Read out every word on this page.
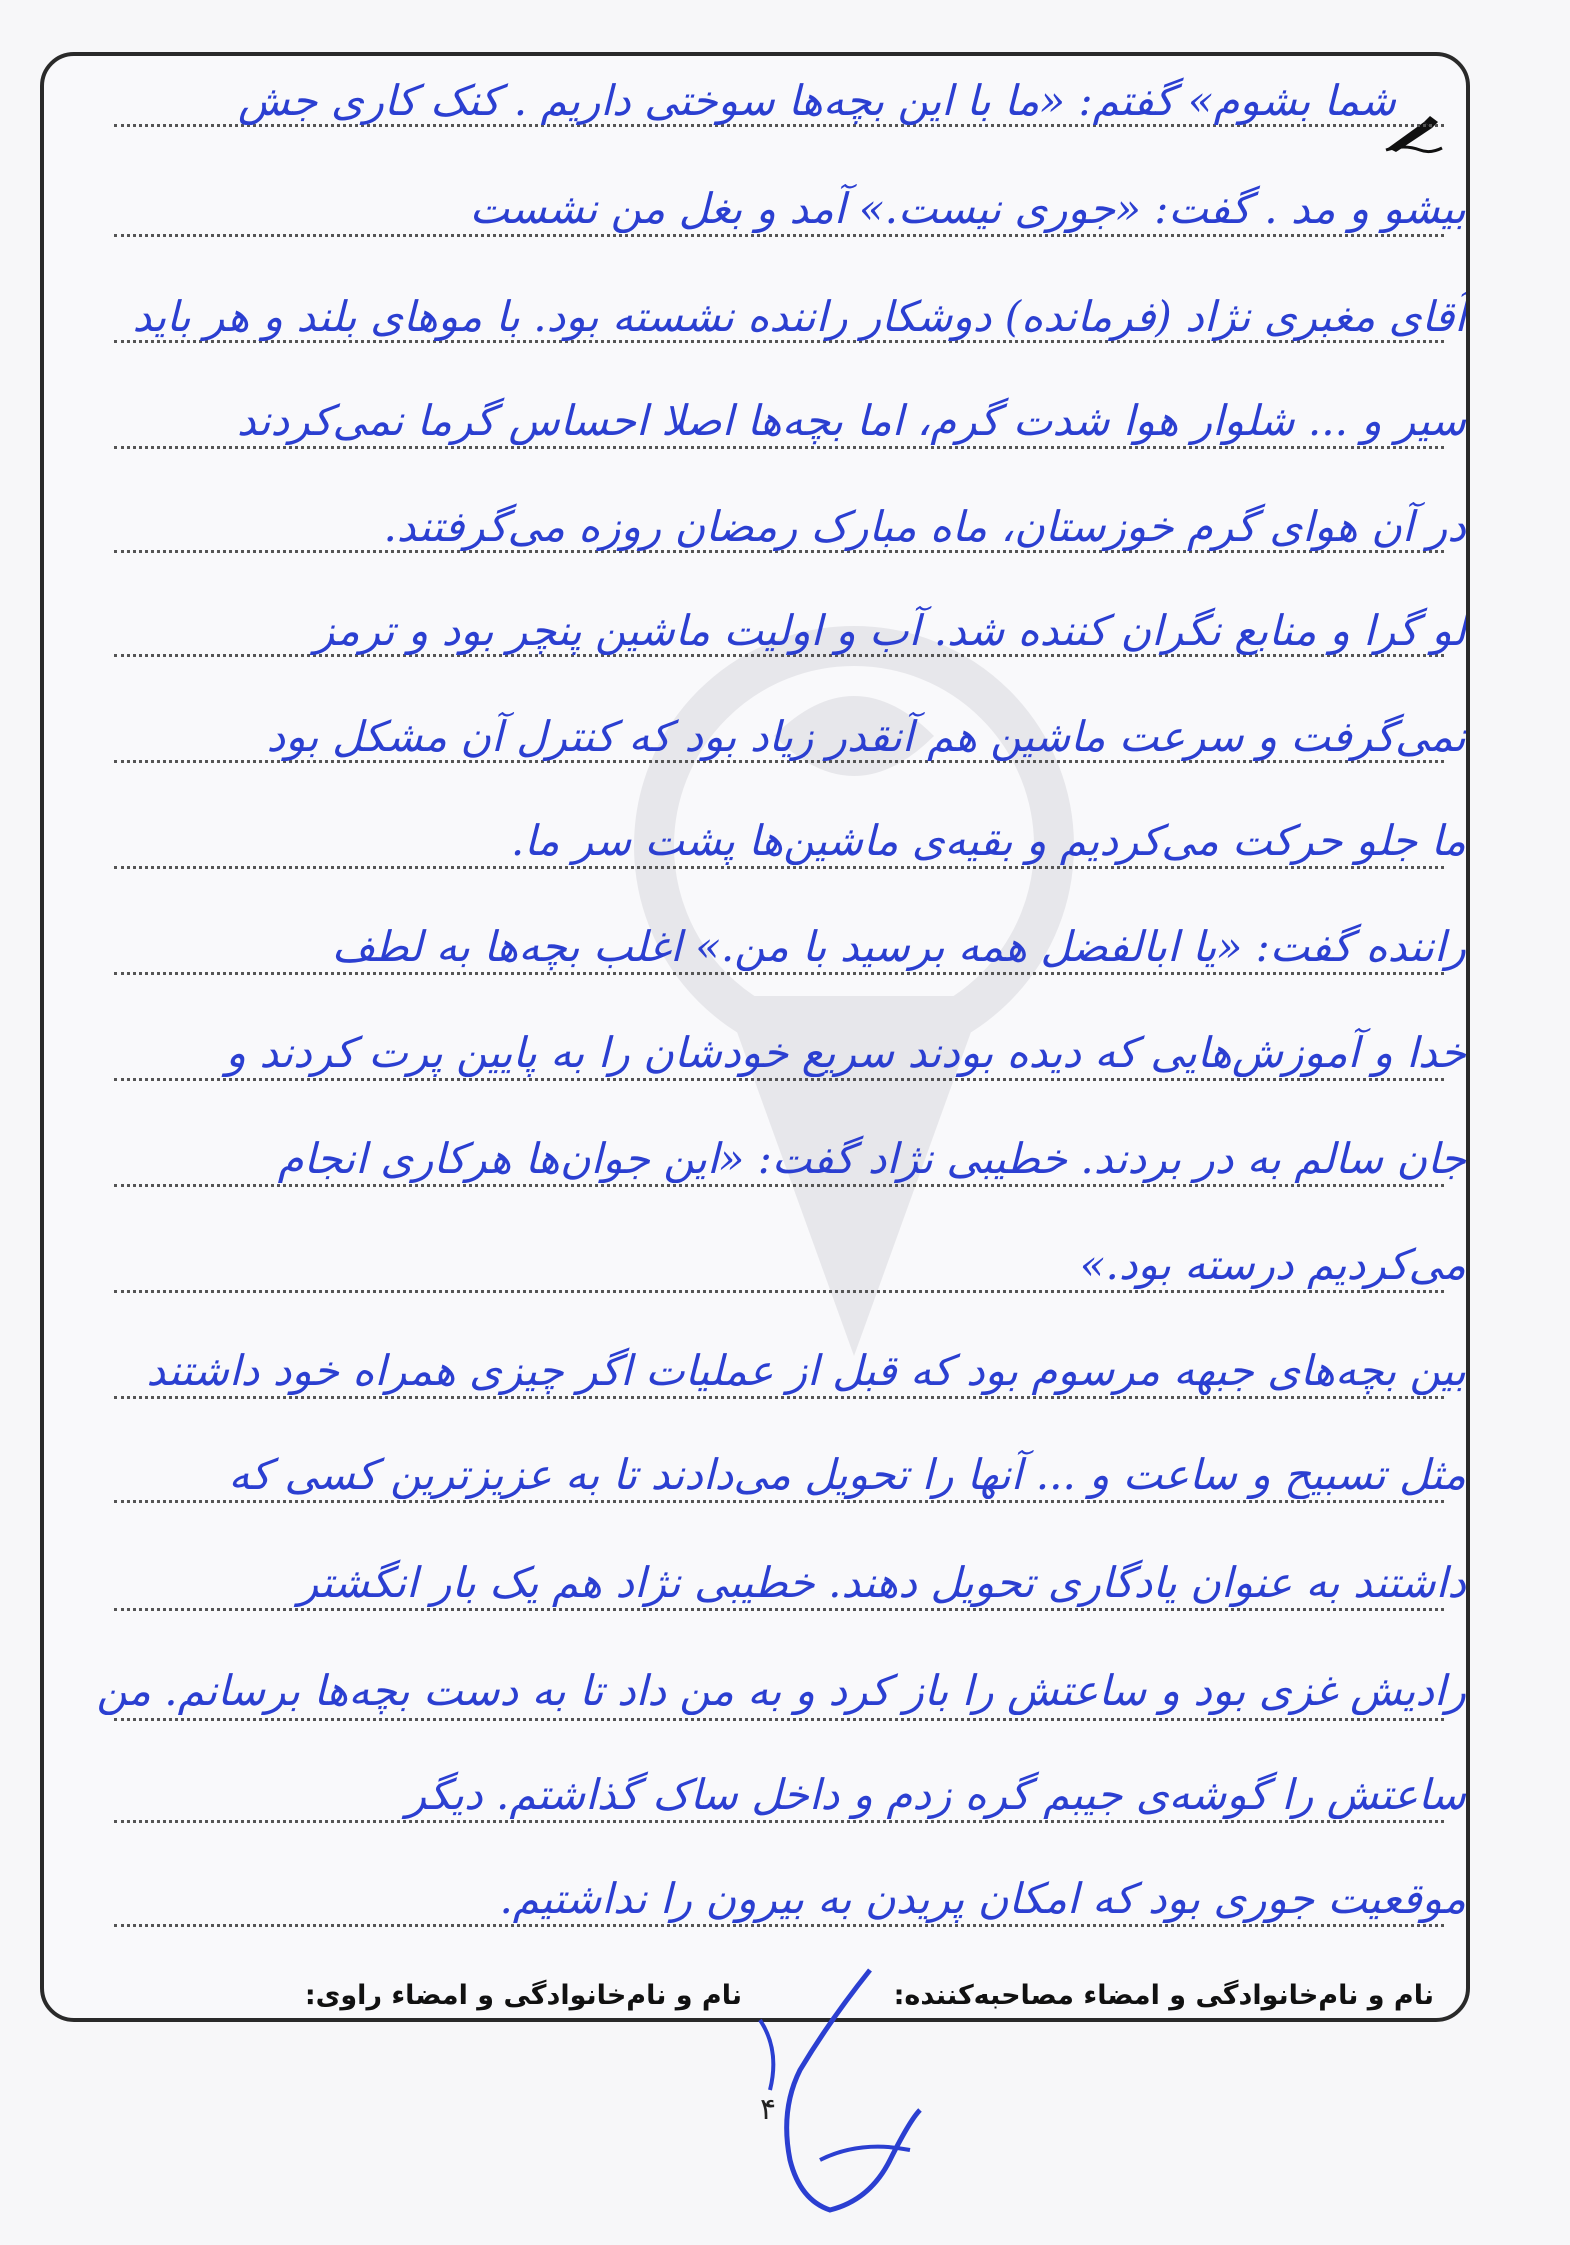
شما بشوم» گفتم: «ما با این بچه‌ها سوختی داریم . کنک کاری جش
بیشو و مد . گفت: «جوری نیست.» آمد و بغل من نشست
آقای مغبری نژاد (فرمانده) دوشکار راننده نشسته بود. با موهای بلند و هر باید
سیر و ... شلوار هوا شدت گرم، اما بچه‌ها اصلا احساس گرما نمی‌کردند
در آن هوای گرم خوزستان، ماه مبارک رمضان روزه می‌گرفتند.
لو گرا و منابع نگران کننده شد. آب و اولیت ماشین پنچر بود و ترمز
نمی‌گرفت و سرعت ماشین هم آنقدر زیاد بود که کنترل آن مشکل بود
ما جلو حرکت می‌کردیم و بقیه‌ی ماشین‌ها پشت سر ما.
راننده گفت: «یا ابالفضل همه برسید با من.» اغلب بچه‌ها به لطف
خدا و آموزش‌هایی که دیده بودند سریع خودشان را به پایین پرت کردند و
جان سالم به در بردند. خطیبی نژاد گفت: «این جوان‌ها هرکاری انجام
می‌کردیم درسته بود.»
بین بچه‌های جبهه مرسوم بود که قبل از عملیات اگر چیزی همراه خود داشتند
مثل تسبیح و ساعت و ... آنها را تحویل می‌دادند تا به عزیزترین کسی که
داشتند به عنوان یادگاری تحویل دهند. خطیبی نژاد هم یک بار انگشتر
رادیش غزی بود و ساعتش را باز کرد و به من داد تا به دست بچه‌ها برسانم. من
ساعتش را گوشه‌ی جیبم گره زدم و داخل ساک گذاشتم. دیگر
موقعیت جوری بود که امکان پریدن به بیرون را نداشتیم.
نام و نام‌خانوادگی و امضاء مصاحبه‌کننده:
نام و نام‌خانوادگی و امضاء راوی:
۴
